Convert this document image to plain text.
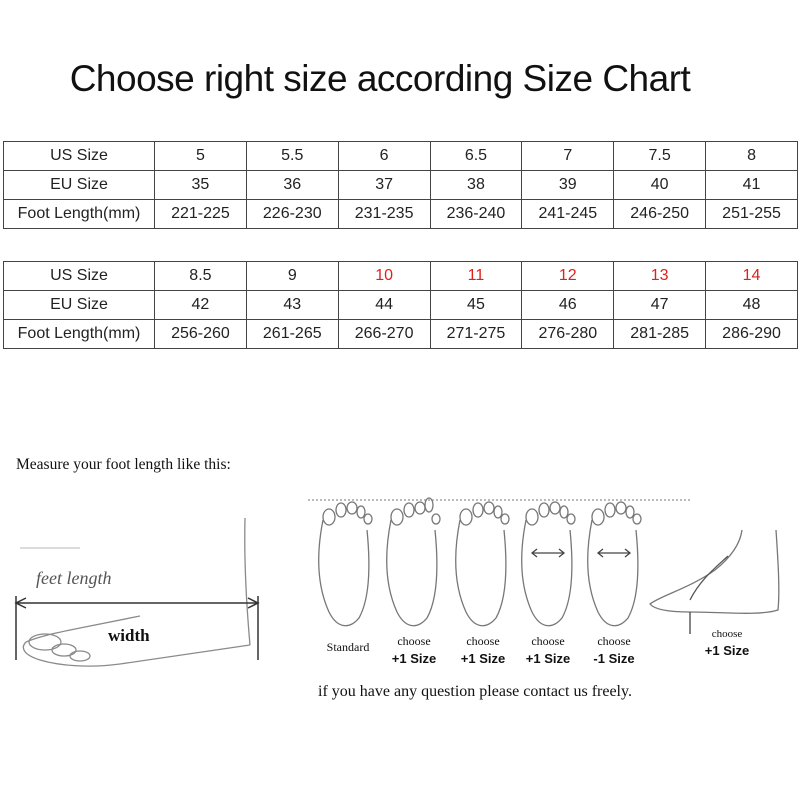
Choose right size according Size Chart
US Size	5	5.5	6	6.5	7	7.5	8
EU Size	35	36	37	38	39	40	41
Foot Length(mm)	221-225	226-230	231-235	236-240	241-245	246-250	251-255
US Size	8.5	9	10	11	12	13	14
EU Size	42	43	44	45	46	47	48
Foot Length(mm)	256-260	261-265	266-270	271-275	276-280	281-285	286-290
Measure your foot length like this:
feet length
width
Standard	choose
+1 Size
choose
+1 Size
choose
+1 Size
choose
-1 Size
choose
+1 Size
if you have any question please contact us freely.
